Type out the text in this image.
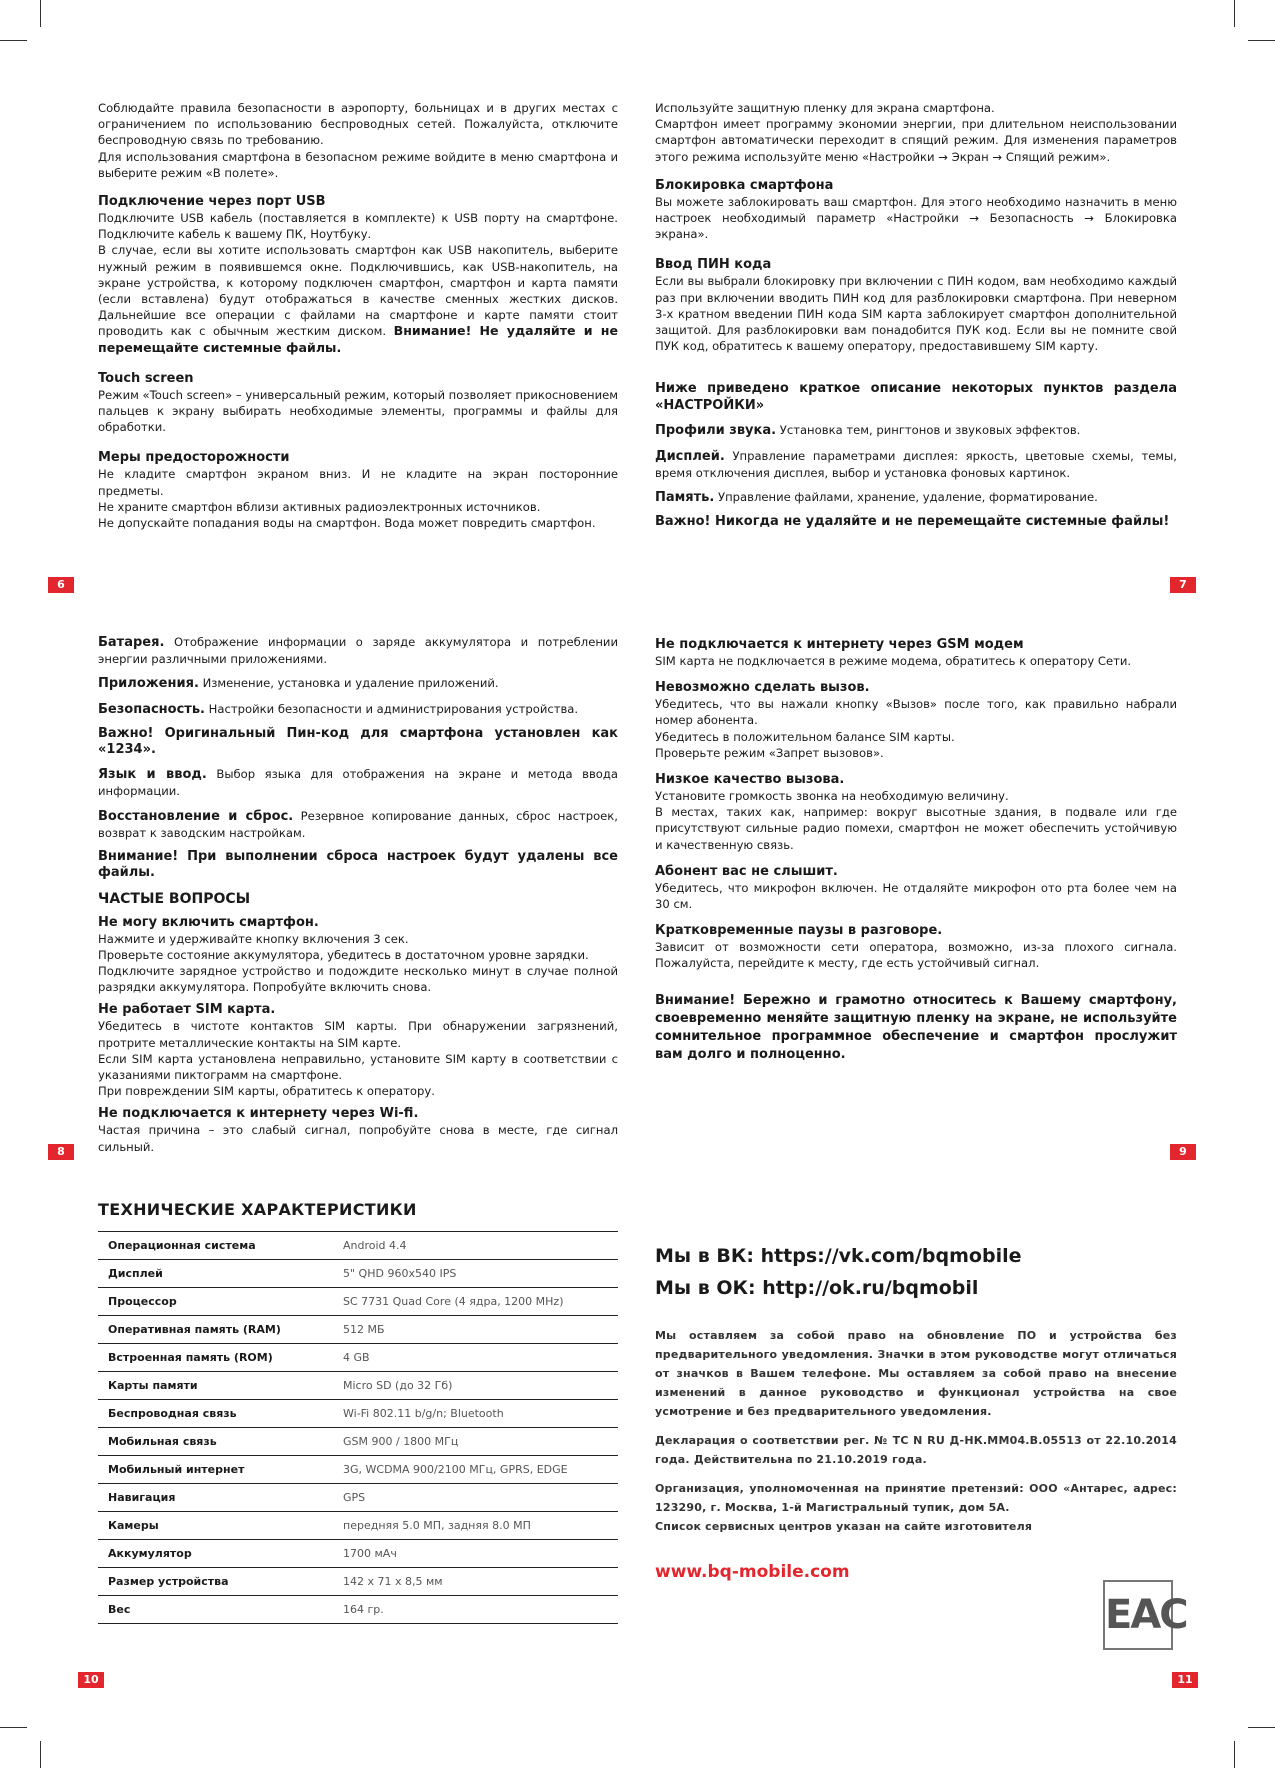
Соблюдайте правила безопасности в аэропорту, больницах и в других местах с ограничением по использованию беспроводных сетей. Пожалуйста, отключите беспроводную связь по требованию.

Для использования смартфона в безопасном режиме войдите в меню смартфона и выберите режим «В полете».

Подключение через порт USB

Подключите USB кабель (поставляется в комплекте) к USB порту на смартфоне. Подключите кабель к вашему ПК, Ноутбуку.

В случае, если вы хотите использовать смартфон как USB накопитель, выберите нужный режим в появившемся окне. Подключившись, как USB-накопитель, на экране устройства, к которому подключен смартфон, смартфон и карта памяти (если вставлена) будут отображаться в качестве сменных жестких дисков. Дальнейшие все операции с файлами на смартфоне и карте памяти стоит проводить как с обычным жестким диском. Внимание! Не удаляйте и не перемещайте системные файлы.

Touch screen

Режим «Touch screen» – универсальный режим, который позволяет прикосновением пальцев к экрану выбирать необходимые элементы, программы и файлы для обработки.

Меры предосторожности

Не кладите смартфон экраном вниз. И не кладите на экран посторонние предметы.

Не храните смартфон вблизи активных радиоэлектронных источников.

Не допускайте попадания воды на смартфон. Вода может повредить смартфон.

6

Используйте защитную пленку для экрана смартфона.

Смартфон имеет программу экономии энергии, при длительном неиспользовании смартфон автоматически переходит в спящий режим. Для изменения параметров этого режима используйте меню «Настройки → Экран → Спящий режим».

Блокировка смартфона

Вы можете заблокировать ваш смартфон. Для этого необходимо назначить в меню настроек необходимый параметр «Настройки → Безопасность → Блокировка экрана».

Ввод ПИН кода

Если вы выбрали блокировку при включении с ПИН кодом, вам необходимо каждый раз при включении вводить ПИН код для разблокировки смартфона. При неверном 3-х кратном введении ПИН кода SIM карта заблокирует смартфон дополнительной защитой. Для разблокировки вам понадобится ПУК код. Если вы не помните свой ПУК код, обратитесь к вашему оператору, предоставившему SIM карту.

Ниже приведено краткое описание некоторых пунктов раздела «НАСТРОЙКИ»

Профили звука. Установка тем, рингтонов и звуковых эффектов.

Дисплей. Управление параметрами дисплея: яркость, цветовые схемы, темы, время отключения дисплея, выбор и установка фоновых картинок.

Память. Управление файлами, хранение, удаление, форматирование.

Важно! Никогда не удаляйте и не перемещайте системные файлы!

7

Батарея. Отображение информации о заряде аккумулятора и потреблении энергии различными приложениями.

Приложения. Изменение, установка и удаление приложений.

Безопасность. Настройки безопасности и администрирования устройства.

Важно! Оригинальный Пин-код для смартфона установлен как «1234».

Язык и ввод. Выбор языка для отображения на экране и метода ввода информации.

Восстановление и сброс. Резервное копирование данных, сброс настроек, возврат к заводским настройкам.

Внимание! При выполнении сброса настроек будут удалены все файлы.

ЧАСТЫЕ ВОПРОСЫ

Не могу включить смартфон.

Нажмите и удерживайте кнопку включения 3 сек.

Проверьте состояние аккумулятора, убедитесь в достаточном уровне зарядки.

Подключите зарядное устройство и подождите несколько минут в случае полной разрядки аккумулятора. Попробуйте включить снова.

Не работает SIM карта.

Убедитесь в чистоте контактов SIM карты. При обнаружении загрязнений, протрите металлические контакты на SIM карте.

Если SIM карта установлена неправильно, установите SIM карту в соответствии с указаниями пиктограмм на смартфоне.

При повреждении SIM карты, обратитесь к оператору.

Не подключается к интернету через Wi-fi.

Частая причина – это слабый сигнал, попробуйте снова в месте, где сигнал сильный.

8
Не подключается к интернету через GSM модем

SIM карта не подключается в режиме модема, обратитесь к оператору Сети.

Невозможно сделать вызов.

Убедитесь, что вы нажали кнопку «Вызов» после того, как правильно набрали номер абонента.

Убедитесь в положительном балансе SIM карты.

Проверьте режим «Запрет вызовов».

Низкое качество вызова.

Установите громкость звонка на необходимую величину.

В местах, таких как, например: вокруг высотные здания, в подвале или где присутствуют сильные радио помехи, смартфон не может обеспечить устойчивую и качественную связь.

Абонент вас не слышит.

Убедитесь, что микрофон включен. Не отдаляйте микрофон ото рта более чем на 30 см.

Кратковременные паузы в разговоре.

Зависит от возможности сети оператора, возможно, из-за плохого сигнала. Пожалуйста, перейдите к месту, где есть устойчивый сигнал.

Внимание! Бережно и грамотно относитесь к Вашему смартфону, своевременно меняйте защитную пленку на экране, не используйте сомнительное программное обеспечение и смартфон прослужит вам долго и полноценно.

9
ТЕХНИЧЕСКИЕ ХАРАКТЕРИСТИКИ
Операционная система	Android 4.4
Дисплей	5" QHD 960x540 IPS
Процессор	SC 7731 Quad Core (4 ядра, 1200 MHz)
Оперативная память (RAM)	512 МБ
Встроенная память (ROM)	4 GB
Карты памяти	Micro SD (до 32 Гб)
Беспроводная связь	Wi-Fi 802.11 b/g/n; Bluetooth
Мобильная связь	GSM 900 / 1800 МГц
Мобильный интернет	3G, WCDMA 900/2100 МГц, GPRS, EDGE
Навигация	GPS
Камеры	передняя 5.0 МП, задняя 8.0 МП
Аккумулятор	1700 мАч
Размер устройства	142 x 71 x 8,5 мм
Вес	164 гр.
10
Мы в ВК: https://vk.com/bqmobile
Мы в ОК: http://ok.ru/bqmobil

Мы оставляем за собой право на обновление ПО и устройства без предварительного уведомления. Значки в этом руководстве могут отличаться от значков в Вашем телефоне. Мы оставляем за собой право на внесение изменений в данное руководство и функционал устройства на свое усмотрение и без предварительного уведомления.

Декларация о соответствии рег. № ТС N RU Д-НК.ММ04.В.05513 от 22.10.2014 года. Действительна по 21.10.2019 года.

Организация, уполномоченная на принятие претензий: ООО «Антарес, адрес: 123290, г. Москва, 1-й Магистральный тупик, дом 5А.

Список сервисных центров указан на сайте изготовителя

www.bq-mobile.com
EAC
11
